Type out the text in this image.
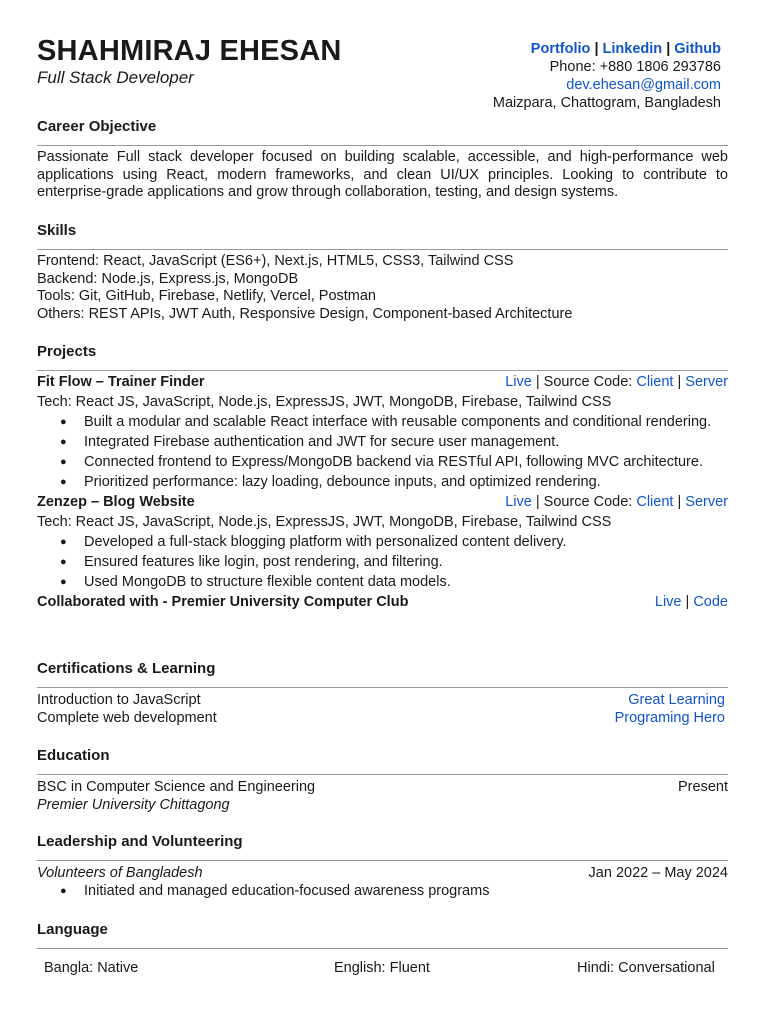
SHAHMIRAJ EHESAN
Full Stack Developer
Portfolio | Linkedin | Github
Phone: +880 1806 293786
dev.ehesan@gmail.com
Maizpara, Chattogram, Bangladesh
Career Objective
Passionate Full stack developer focused on building scalable, accessible, and high-performance web applications using React, modern frameworks, and clean UI/UX principles. Looking to contribute to enterprise-grade applications and grow through collaboration, testing, and design systems.
Skills
Frontend: React, JavaScript (ES6+), Next.js, HTML5, CSS3, Tailwind CSS
Backend: Node.js, Express.js, MongoDB
Tools: Git, GitHub, Firebase, Netlify, Vercel, Postman
Others: REST APIs, JWT Auth, Responsive Design, Component-based Architecture
Projects
Fit Flow – Trainer Finder	Live | Source Code: Client | Server
Tech: React JS, JavaScript, Node.js, ExpressJS, JWT, MongoDB, Firebase, Tailwind CSS
● Built a modular and scalable React interface with reusable components and conditional rendering.
● Integrated Firebase authentication and JWT for secure user management.
● Connected frontend to Express/MongoDB backend via RESTful API, following MVC architecture.
● Prioritized performance: lazy loading, debounce inputs, and optimized rendering.
Zenzep – Blog Website	Live | Source Code: Client | Server
Tech: React JS, JavaScript, Node.js, ExpressJS, JWT, MongoDB, Firebase, Tailwind CSS
● Developed a full-stack blogging platform with personalized content delivery.
● Ensured features like login, post rendering, and filtering.
● Used MongoDB to structure flexible content data models.
Collaborated with - Premier University Computer Club	Live | Code
Certifications & Learning
Introduction to JavaScript	Great Learning
Complete web development	Programing Hero
Education
BSC in Computer Science and Engineering	Present
Premier University Chittagong
Leadership and Volunteering
Volunteers of Bangladesh	Jan 2022 – May 2024
● Initiated and managed education-focused awareness programs
Language
Bangla: Native	English: Fluent	Hindi: Conversational
